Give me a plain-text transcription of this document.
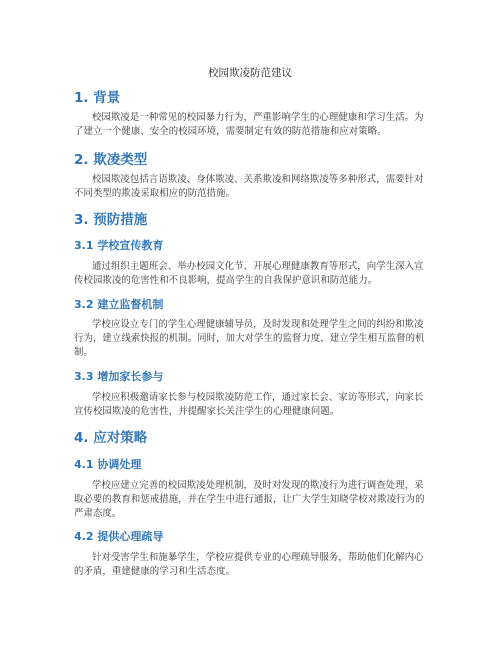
校园欺凌防范建议
1. 背景
校园欺凌是一种常见的校园暴力行为，严重影响学生的心理健康和学习生活。为了建立一个健康、安全的校园环境，需要制定有效的防范措施和应对策略。
2. 欺凌类型
校园欺凌包括言语欺凌、身体欺凌、关系欺凌和网络欺凌等多种形式，需要针对不同类型的欺凌采取相应的防范措施。
3. 预防措施
3.1 学校宣传教育
通过组织主题班会、举办校园文化节、开展心理健康教育等形式，向学生深入宣传校园欺凌的危害性和不良影响，提高学生的自我保护意识和防范能力。
3.2 建立监督机制
学校应设立专门的学生心理健康辅导员，及时发现和处理学生之间的纠纷和欺凌行为，建立线索快报的机制。同时，加大对学生的监督力度，建立学生相互监督的机制。
3.3 增加家长参与
学校应积极邀请家长参与校园欺凌防范工作，通过家长会、家访等形式，向家长宣传校园欺凌的危害性，并提醒家长关注学生的心理健康问题。
4. 应对策略
4.1 协调处理
学校应建立完善的校园欺凌处理机制，及时对发现的欺凌行为进行调查处理，采取必要的教育和惩戒措施，并在学生中进行通报，让广大学生知晓学校对欺凌行为的严肃态度。
4.2 提供心理疏导
针对受害学生和施暴学生，学校应提供专业的心理疏导服务，帮助他们化解内心的矛盾，重建健康的学习和生活态度。
